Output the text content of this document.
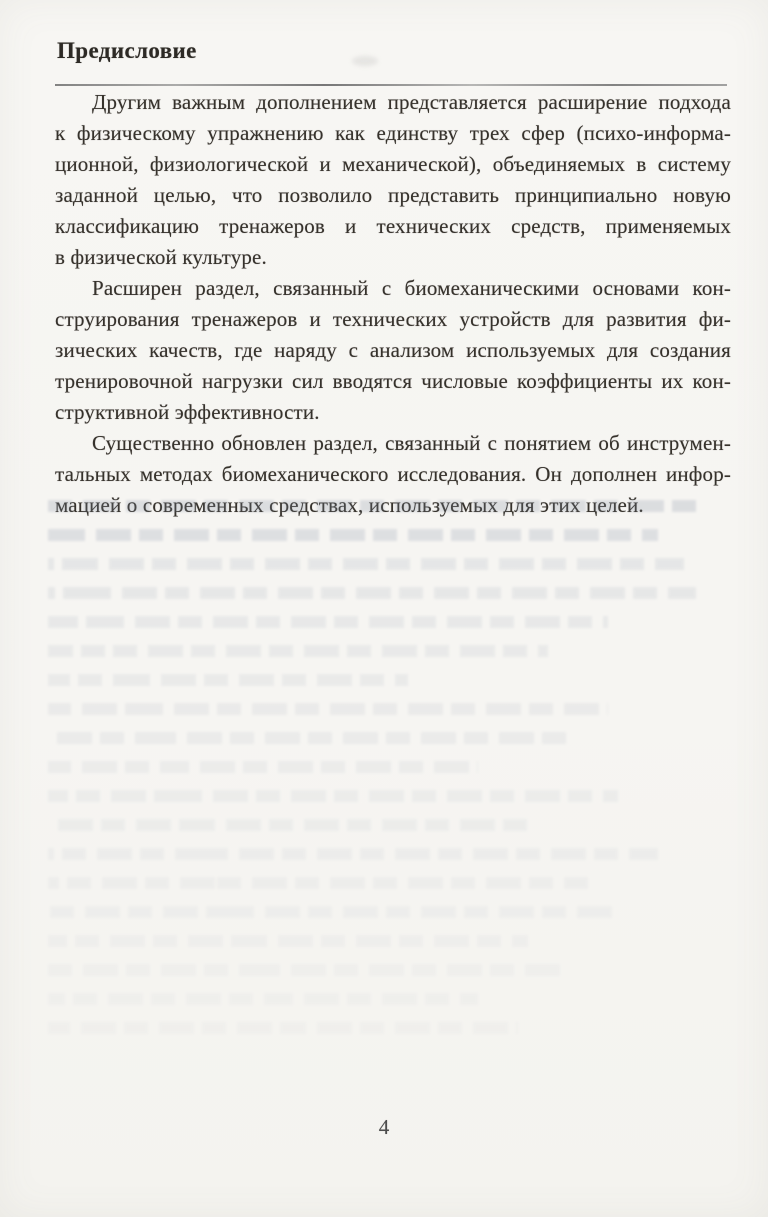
Предисловие
Другим важным дополнением представляется расширение подхода
к физическому упражнению как единству трех сфер (психо-информа-
ционной, физиологической и механической), объединяемых в систему
заданной целью, что позволило представить принципиально новую
классификацию тренажеров и технических средств, применяемых
в физической культуре.
Расширен раздел, связанный с биомеханическими основами кон-
струирования тренажеров и технических устройств для развития фи-
зических качеств, где наряду с анализом используемых для создания
тренировочной нагрузки сил вводятся числовые коэффициенты их кон-
структивной эффективности.
Существенно обновлен раздел, связанный с понятием об инструмен-
тальных методах биомеханического исследования. Он дополнен инфор-
мацией о современных средствах, используемых для этих целей.
4
